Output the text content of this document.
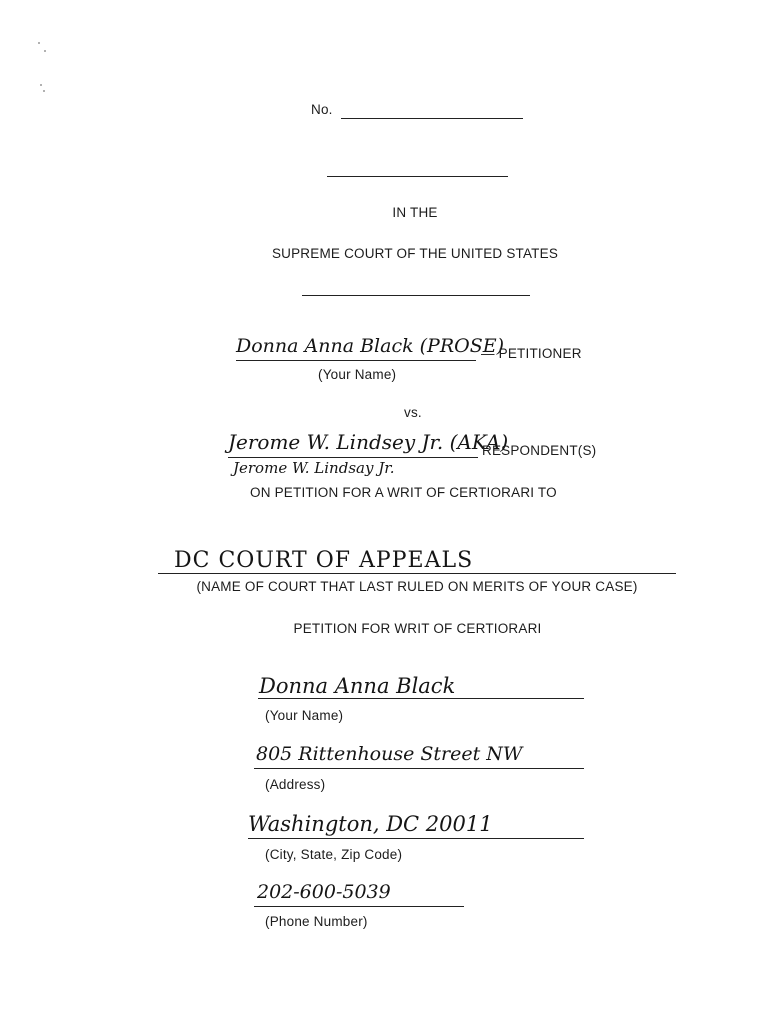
No.
IN THE
SUPREME COURT OF THE UNITED STATES
Donna Anna Black (PROSE)
— PETITIONER
(Your Name)
vs.
Jerome W. Lindsey Jr. (AKA)
RESPONDENT(S)
Jerome W. Lindsay Jr.
ON PETITION FOR A WRIT OF CERTIORARI TO
DC COURT OF APPEALS
(NAME OF COURT THAT LAST RULED ON MERITS OF YOUR CASE)
PETITION FOR WRIT OF CERTIORARI
Donna Anna Black
(Your Name)
805 Rittenhouse Street NW
(Address)
Washington, DC 20011
(City, State, Zip Code)
202-600-5039
(Phone Number)
